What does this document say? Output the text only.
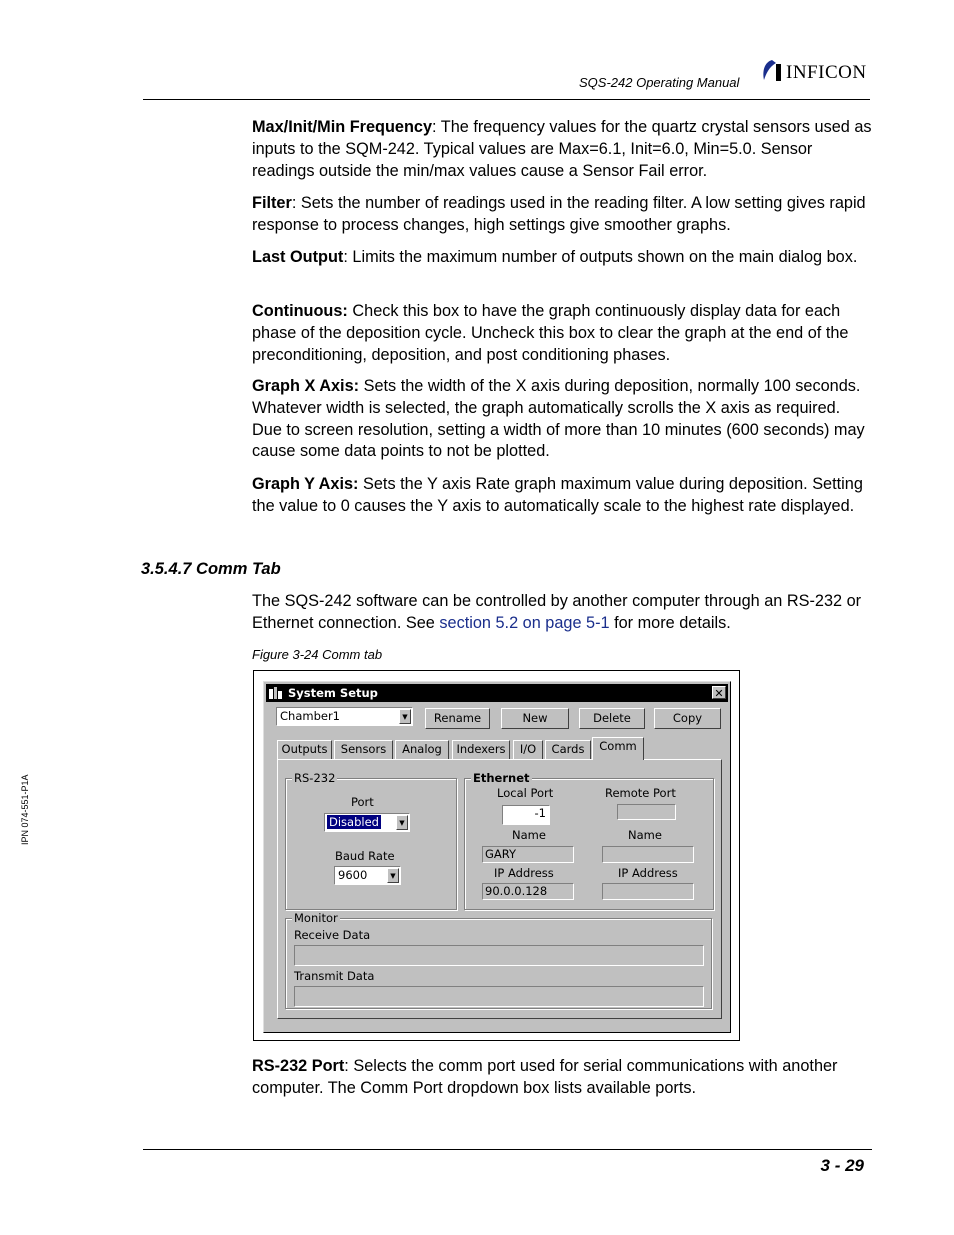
SQS-242 Operating Manual INFICON
IPN 074-551-P1A
Max/Init/Min Frequency: The frequency values for the quartz crystal sensors used as inputs to the SQM-242. Typical values are Max=6.1, Init=6.0, Min=5.0. Sensor readings outside the min/max values cause a Sensor Fail error.
Filter: Sets the number of readings used in the reading filter. A low setting gives rapid response to process changes, high settings give smoother graphs.
Last Output: Limits the maximum number of outputs shown on the main dialog box.
Continuous: Check this box to have the graph continuously display data for each phase of the deposition cycle. Uncheck this box to clear the graph at the end of the preconditioning, deposition, and post conditioning phases.
Graph X Axis: Sets the width of the X axis during deposition, normally 100 seconds. Whatever width is selected, the graph automatically scrolls the X axis as required. Due to screen resolution, setting a width of more than 10 minutes (600 seconds) may cause some data points to not be plotted.
Graph Y Axis: Sets the Y axis Rate graph maximum value during deposition. Setting the value to 0 causes the Y axis to automatically scale to the highest rate displayed.
3.5.4.7 Comm Tab
The SQS-242 software can be controlled by another computer through an RS-232 or Ethernet connection. See section 5.2 on page 5-1 for more details.
Figure 3-24 Comm tab
System Setup	✕
Chamber1	▼	Rename	New	Delete	Copy
Outputs	Sensors	Analog	Indexers	I/O	Cards	Comm
RS-232
Port
Disabled	▼
Baud Rate
9600	▼
Ethernet
Local Port
-1
Remote Port
Name
GARY
Name
IP Address
90.0.0.128
IP Address
Monitor
Receive Data
Transmit Data
RS-232 Port: Selects the comm port used for serial communications with another computer. The Comm Port dropdown box lists available ports.
3 - 29
